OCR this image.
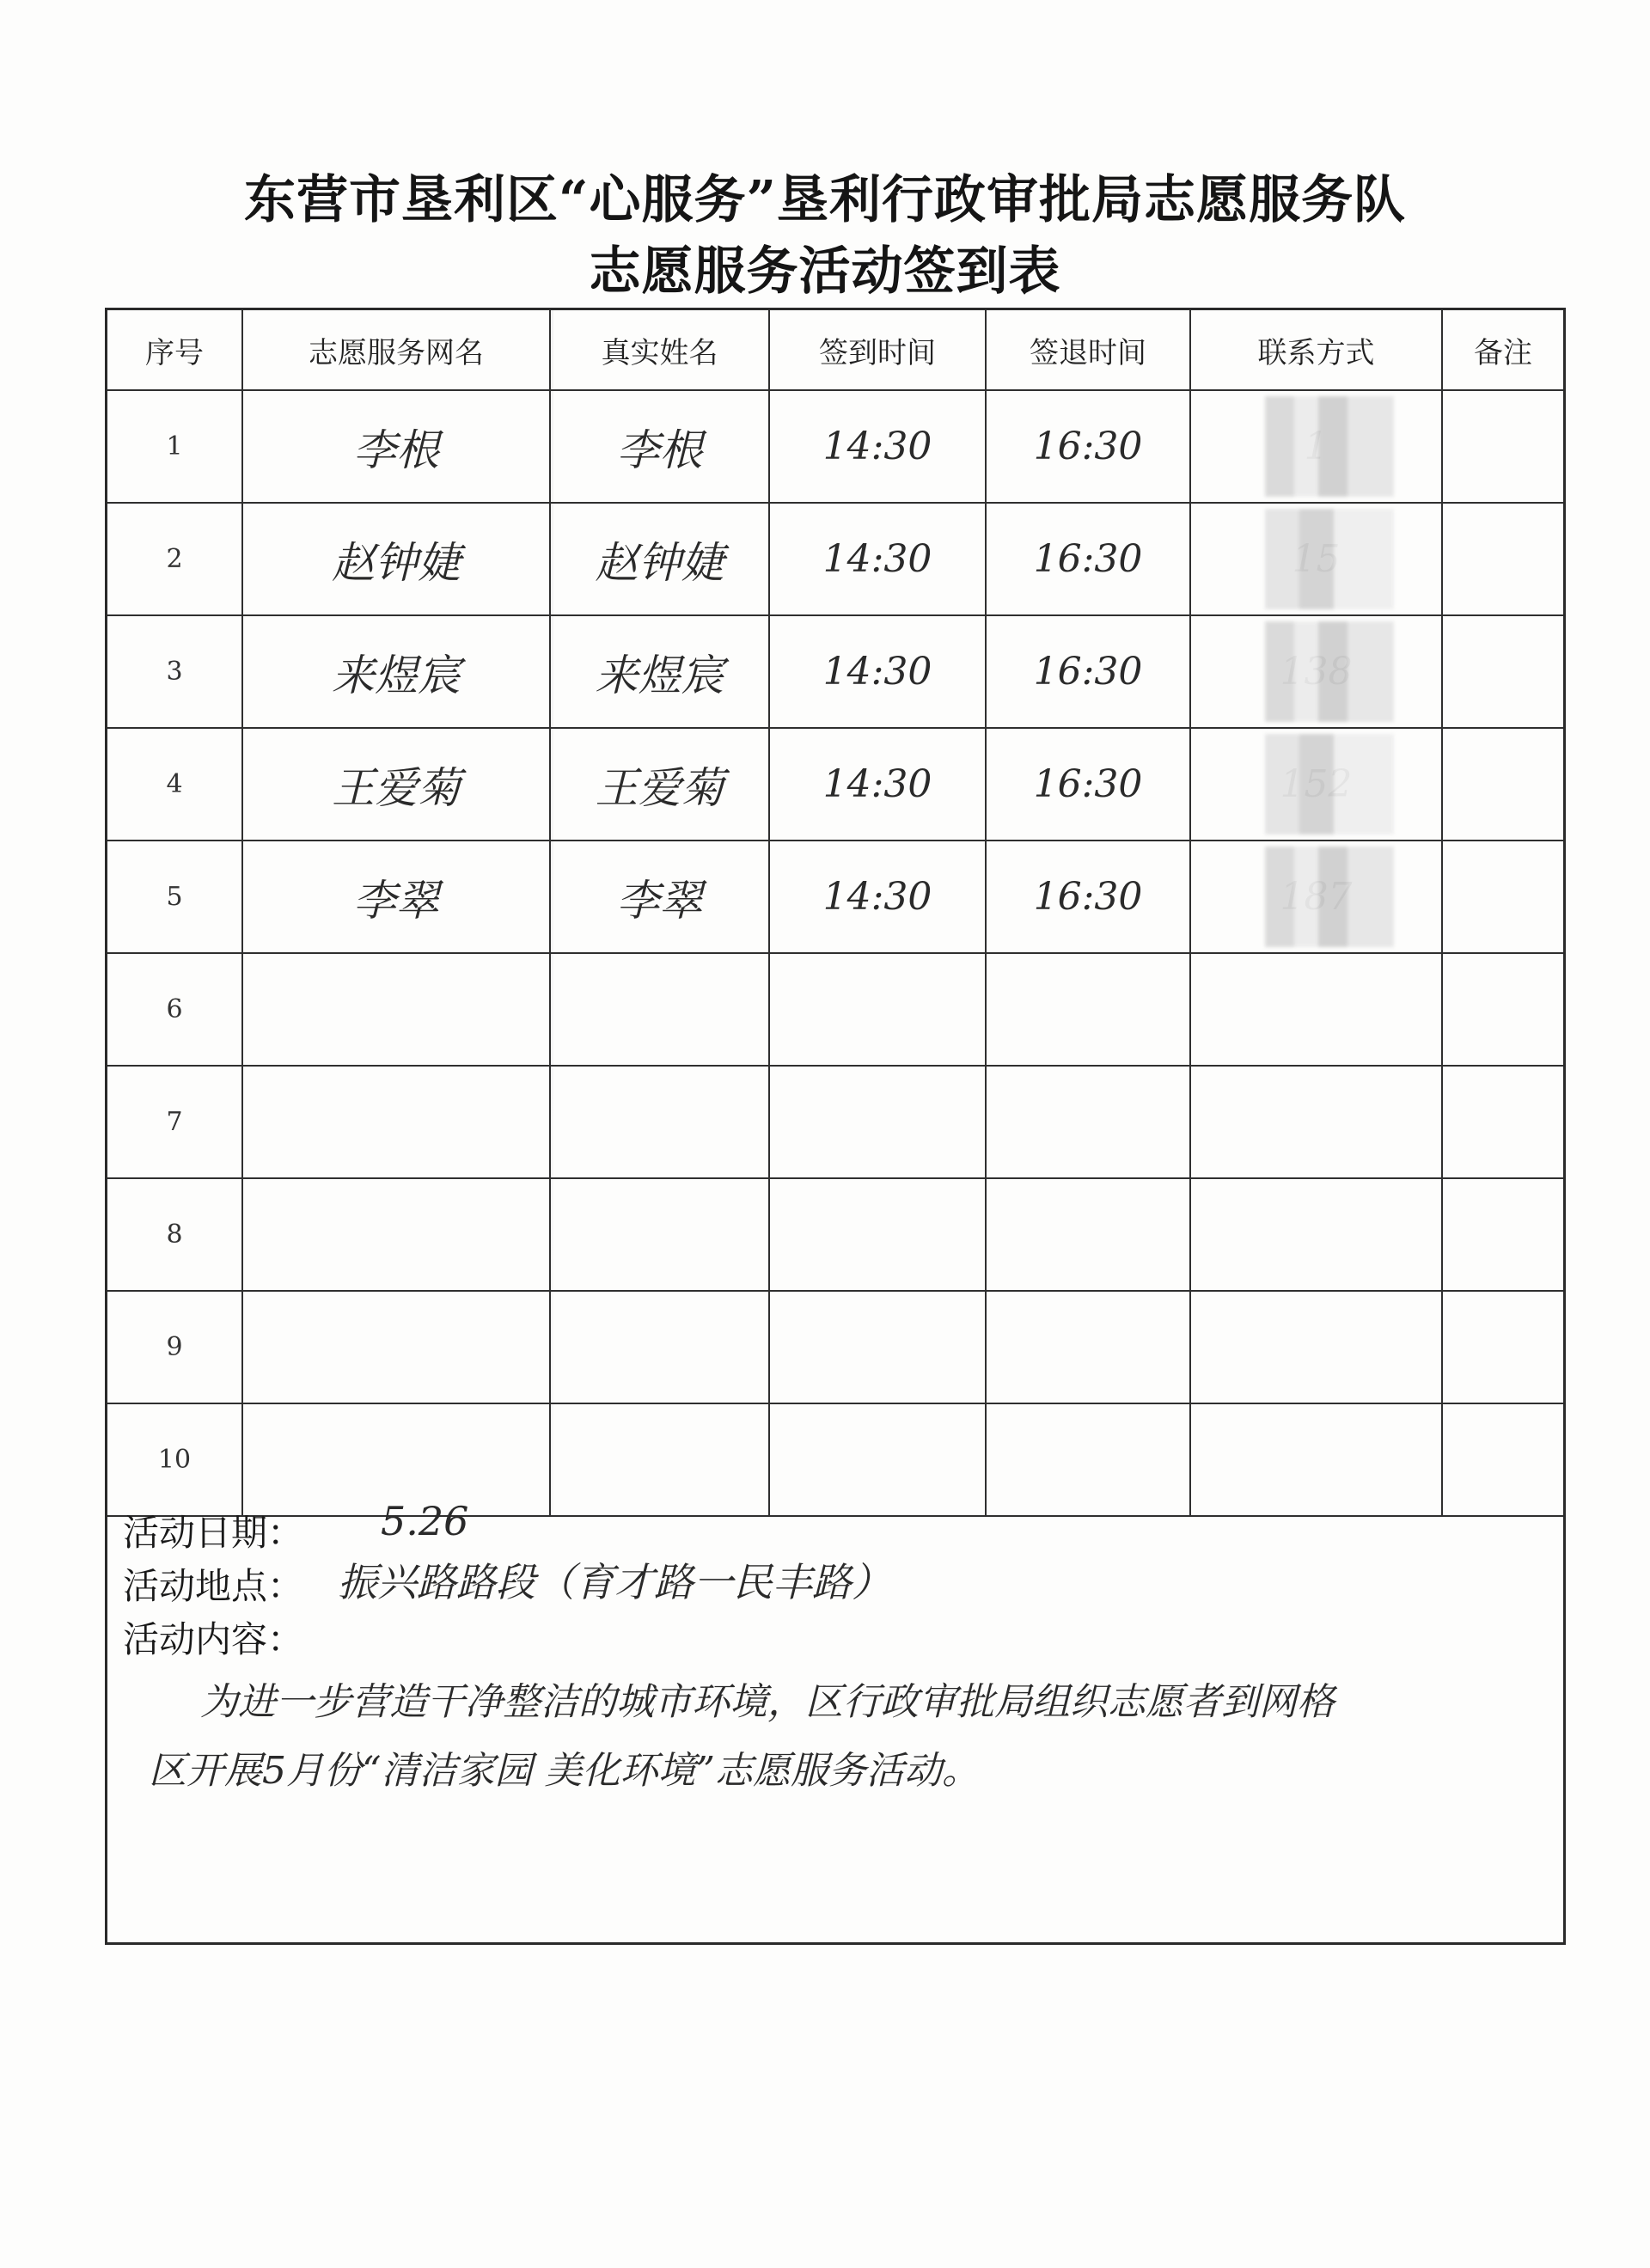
东营市垦利区“心服务”垦利行政审批局志愿服务队
志愿服务活动签到表
序号	志愿服务网名	真实姓名	签到时间	签退时间	联系方式	备注
1	李根	李根	14:30	16:30	

2	赵钟婕	赵钟婕	14:30	16:30	

3	来煜宸	来煜宸	14:30	16:30	

4	王爱菊	王爱菊	14:30	16:30	

5	李翠	李翠	14:30	16:30	

6						
7						
8						
9						
10						
活动日期： 5.26
活动地点： 振兴路路段（育才路一民丰路）
活动内容：
为进一步营造干净整洁的城市环境，区行政审批局组织志愿者到网格
区开展5月份“清洁家园 美化环境”志愿服务活动。
